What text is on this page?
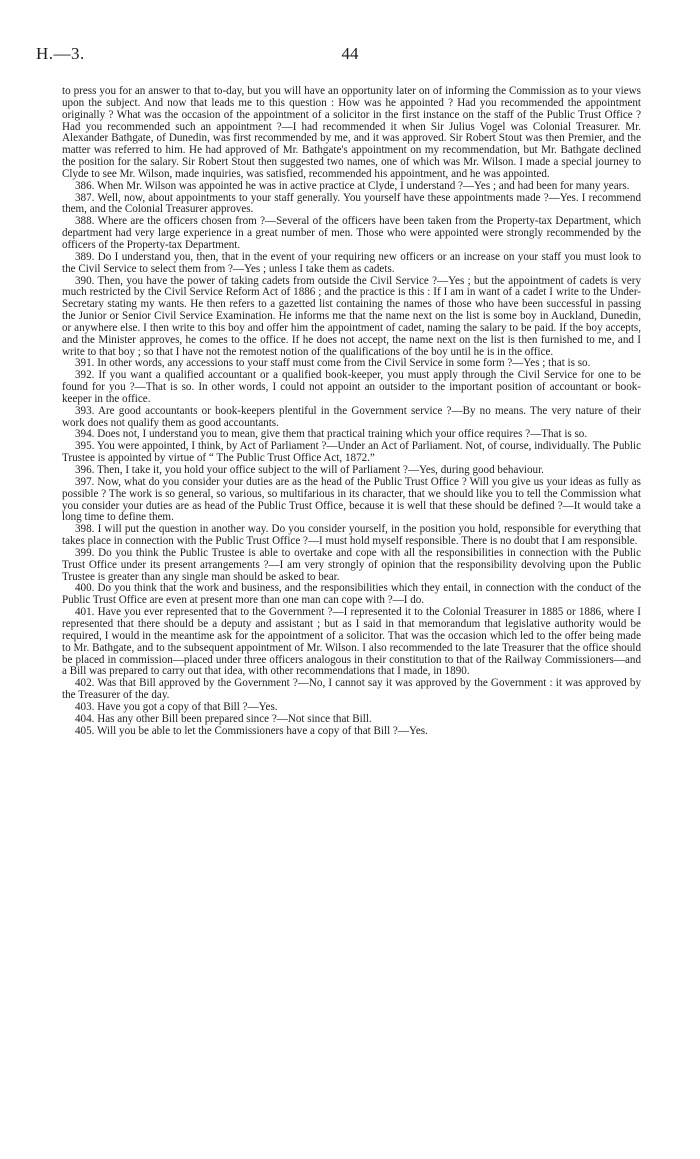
H.—3.	44

to press you for an answer to that to-day, but you will have an opportunity later on of informing the Commission as to your views upon the subject. And now that leads me to this question : How was he appointed ? Had you recommended the appointment originally ? What was the occasion of the appointment of a solicitor in the first instance on the staff of the Public Trust Office ? Had you recommended such an appointment ?—I had recommended it when Sir Julius Vogel was Colonial Treasurer. Mr. Alexander Bathgate, of Dunedin, was first recommended by me, and it was approved. Sir Robert Stout was then Premier, and the matter was referred to him. He had approved of Mr. Bathgate's appointment on my recommendation, but Mr. Bathgate declined the position for the salary. Sir Robert Stout then suggested two names, one of which was Mr. Wilson. I made a special journey to Clyde to see Mr. Wilson, made inquiries, was satisfied, recommended his appointment, and he was appointed.

386. When Mr. Wilson was appointed he was in active practice at Clyde, I understand ?—Yes ; and had been for many years.

387. Well, now, about appointments to your staff generally. You yourself have these appointments made ?—Yes. I recommend them, and the Colonial Treasurer approves.

388. Where are the officers chosen from ?—Several of the officers have been taken from the Property-tax Department, which department had very large experience in a great number of men. Those who were appointed were strongly recommended by the officers of the Property-tax Department.

389. Do I understand you, then, that in the event of your requiring new officers or an increase on your staff you must look to the Civil Service to select them from ?—Yes ; unless I take them as cadets.

390. Then, you have the power of taking cadets from outside the Civil Service ?—Yes ; but the appointment of cadets is very much restricted by the Civil Service Reform Act of 1886 ; and the practice is this : If I am in want of a cadet I write to the Under-Secretary stating my wants. He then refers to a gazetted list containing the names of those who have been successful in passing the Junior or Senior Civil Service Examination. He informs me that the name next on the list is some boy in Auckland, Dunedin, or anywhere else. I then write to this boy and offer him the appointment of cadet, naming the salary to be paid. If the boy accepts, and the Minister approves, he comes to the office. If he does not accept, the name next on the list is then furnished to me, and I write to that boy ; so that I have not the remotest notion of the qualifications of the boy until he is in the office.

391. In other words, any accessions to your staff must come from the Civil Service in some form ?—Yes ; that is so.

392. If you want a qualified accountant or a qualified book-keeper, you must apply through the Civil Service for one to be found for you ?—That is so. In other words, I could not appoint an outsider to the important position of accountant or book-keeper in the office.

393. Are good accountants or book-keepers plentiful in the Government service ?—By no means. The very nature of their work does not qualify them as good accountants.

394. Does not, I understand you to mean, give them that practical training which your office requires ?—That is so.

395. You were appointed, I think, by Act of Parliament ?—Under an Act of Parliament. Not, of course, individually. The Public Trustee is appointed by virtue of “ The Public Trust Office Act, 1872.”

396. Then, I take it, you hold your office subject to the will of Parliament ?—Yes, during good behaviour.

397. Now, what do you consider your duties are as the head of the Public Trust Office ? Will you give us your ideas as fully as possible ? The work is so general, so various, so multifarious in its character, that we should like you to tell the Commission what you consider your duties are as head of the Public Trust Office, because it is well that these should be defined ?—It would take a long time to define them.

398. I will put the question in another way. Do you consider yourself, in the position you hold, responsible for everything that takes place in connection with the Public Trust Office ?—I must hold myself responsible. There is no doubt that I am responsible.

399. Do you think the Public Trustee is able to overtake and cope with all the responsibilities in connection with the Public Trust Office under its present arrangements ?—I am very strongly of opinion that the responsibility devolving upon the Public Trustee is greater than any single man should be asked to bear.

400. Do you think that the work and business, and the responsibilities which they entail, in connection with the conduct of the Public Trust Office are even at present more than one man can cope with ?—I do.

401. Have you ever represented that to the Government ?—I represented it to the Colonial Treasurer in 1885 or 1886, where I represented that there should be a deputy and assistant ; but as I said in that memorandum that legislative authority would be required, I would in the meantime ask for the appointment of a solicitor. That was the occasion which led to the offer being made to Mr. Bathgate, and to the subsequent appointment of Mr. Wilson. I also recommended to the late Treasurer that the office should be placed in commission—placed under three officers analogous in their constitution to that of the Railway Commissioners—and a Bill was prepared to carry out that idea, with other recommendations that I made, in 1890.

402. Was that Bill approved by the Government ?—No, I cannot say it was approved by the Government : it was approved by the Treasurer of the day.

403. Have you got a copy of that Bill ?—Yes.

404. Has any other Bill been prepared since ?—Not since that Bill.

405. Will you be able to let the Commissioners have a copy of that Bill ?—Yes.
